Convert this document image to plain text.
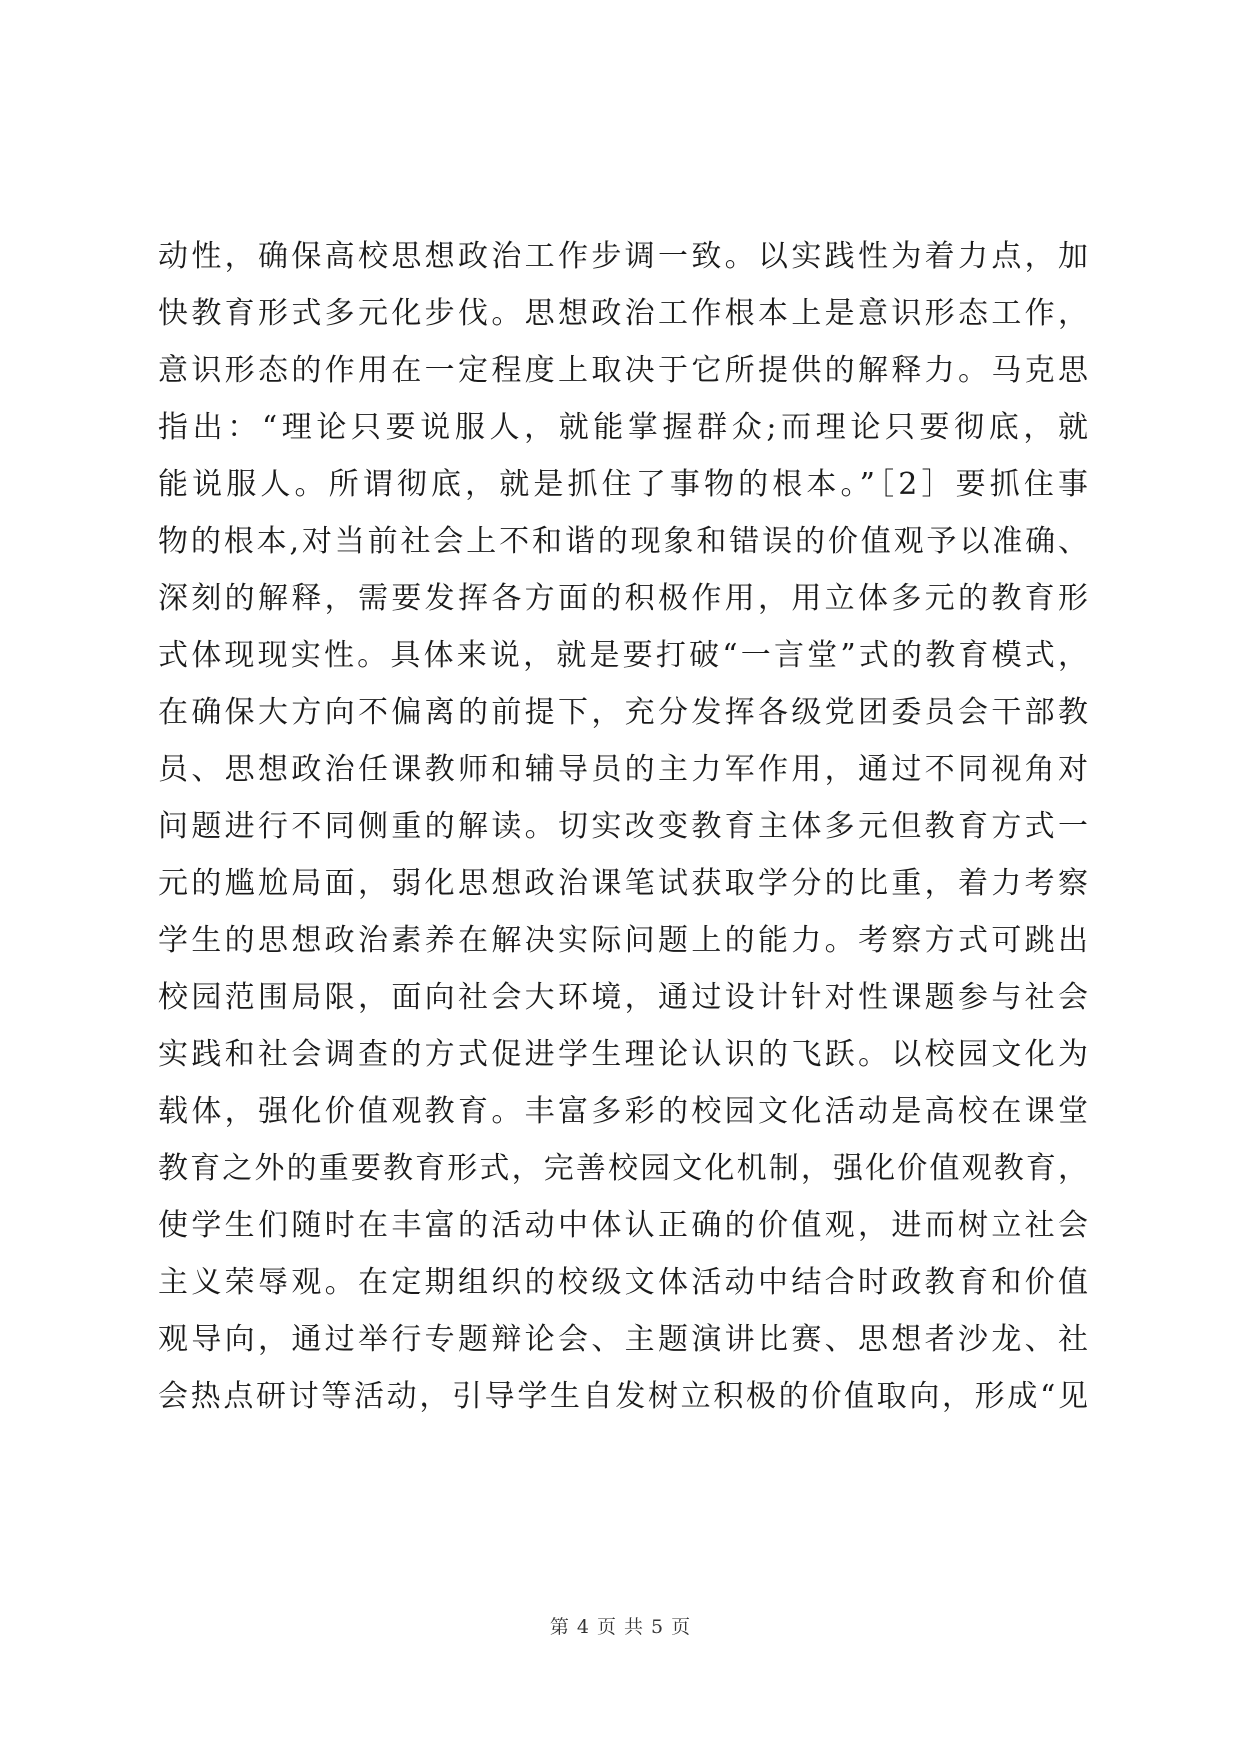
动性，确保高校思想政治工作步调一致。以实践性为着力点，加
快教育形式多元化步伐。思想政治工作根本上是意识形态工作，
意识形态的作用在一定程度上取决于它所提供的解释力。马克思
指出：“理论只要说服人，就能掌握群众;而理论只要彻底，就
能说服人。所谓彻底，就是抓住了事物的根本。”［2］要抓住事
物的根本,对当前社会上不和谐的现象和错误的价值观予以准确、
深刻的解释，需要发挥各方面的积极作用，用立体多元的教育形
式体现现实性。具体来说，就是要打破“一言堂”式的教育模式，
在确保大方向不偏离的前提下，充分发挥各级党团委员会干部教
员、思想政治任课教师和辅导员的主力军作用，通过不同视角对
问题进行不同侧重的解读。切实改变教育主体多元但教育方式一
元的尴尬局面，弱化思想政治课笔试获取学分的比重，着力考察
学生的思想政治素养在解决实际问题上的能力。考察方式可跳出
校园范围局限，面向社会大环境，通过设计针对性课题参与社会
实践和社会调查的方式促进学生理论认识的飞跃。以校园文化为
载体，强化价值观教育。丰富多彩的校园文化活动是高校在课堂
教育之外的重要教育形式，完善校园文化机制，强化价值观教育，
使学生们随时在丰富的活动中体认正确的价值观，进而树立社会
主义荣辱观。在定期组织的校级文体活动中结合时政教育和价值
观导向，通过举行专题辩论会、主题演讲比赛、思想者沙龙、社
会热点研讨等活动，引导学生自发树立积极的价值取向，形成“见
第 4 页 共 5 页
